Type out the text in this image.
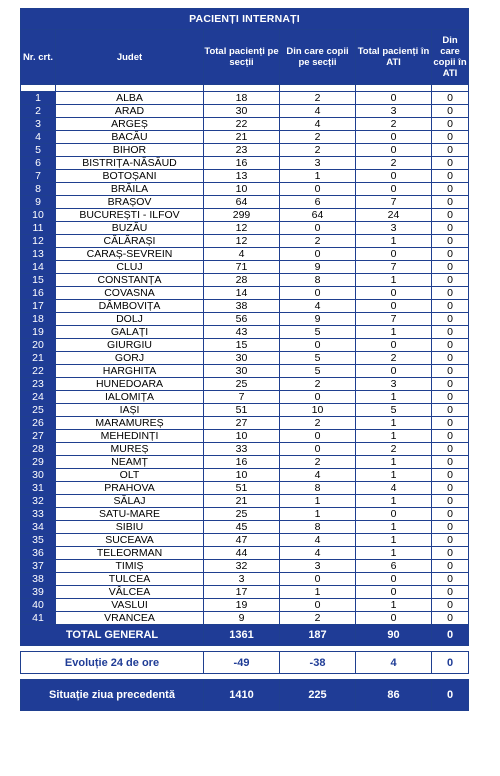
PACIENȚI INTERNAȚI					
Nr. crt.	Judet	Total pacienți pe secții	Din care copii pe secții	Total pacienți în ATI	Din care copii în ATI

1	ALBA	18	2	0	0
2	ARAD	30	4	3	0
3	ARGEȘ	22	4	2	0
4	BACĂU	21	2	0	0
5	BIHOR	23	2	0	0
6	BISTRIȚA-NĂSĂUD	16	3	2	0
7	BOTOȘANI	13	1	0	0
8	BRĂILA	10	0	0	0
9	BRAȘOV	64	6	7	0
10	BUCUREȘTI - ILFOV	299	64	24	0
11	BUZĂU	12	0	3	0
12	CĂLĂRAȘI	12	2	1	0
13	CARAȘ-SEVREIN	4	0	0	0
14	CLUJ	71	9	7	0
15	CONSTANȚA	28	8	1	0
16	COVASNA	14	0	0	0
17	DÂMBOVIȚA	38	4	0	0
18	DOLJ	56	9	7	0
19	GALAȚI	43	5	1	0
20	GIURGIU	15	0	0	0
21	GORJ	30	5	2	0
22	HARGHITA	30	5	0	0
23	HUNEDOARA	25	2	3	0
24	IALOMIȚA	7	0	1	0
25	IAȘI	51	10	5	0
26	MARAMUREȘ	27	2	1	0
27	MEHEDINȚI	10	0	1	0
28	MUREȘ	33	0	2	0
29	NEAMȚ	16	2	1	0
30	OLT	10	4	1	0
31	PRAHOVA	51	8	4	0
32	SĂLAJ	21	1	1	0
33	SATU-MARE	25	1	0	0
34	SIBIU	45	8	1	0
35	SUCEAVA	47	4	1	0
36	TELEORMAN	44	4	1	0
37	TIMIȘ	32	3	6	0
38	TULCEA	3	0	0	0
39	VÂLCEA	17	1	0	0
40	VASLUI	19	0	1	0
41	VRANCEA	9	2	0	0
TOTAL GENERAL		1361	187	90	0

Evoluție 24 de ore		-49	-38	4	0

Situație ziua precedentă		1410	225	86	0
